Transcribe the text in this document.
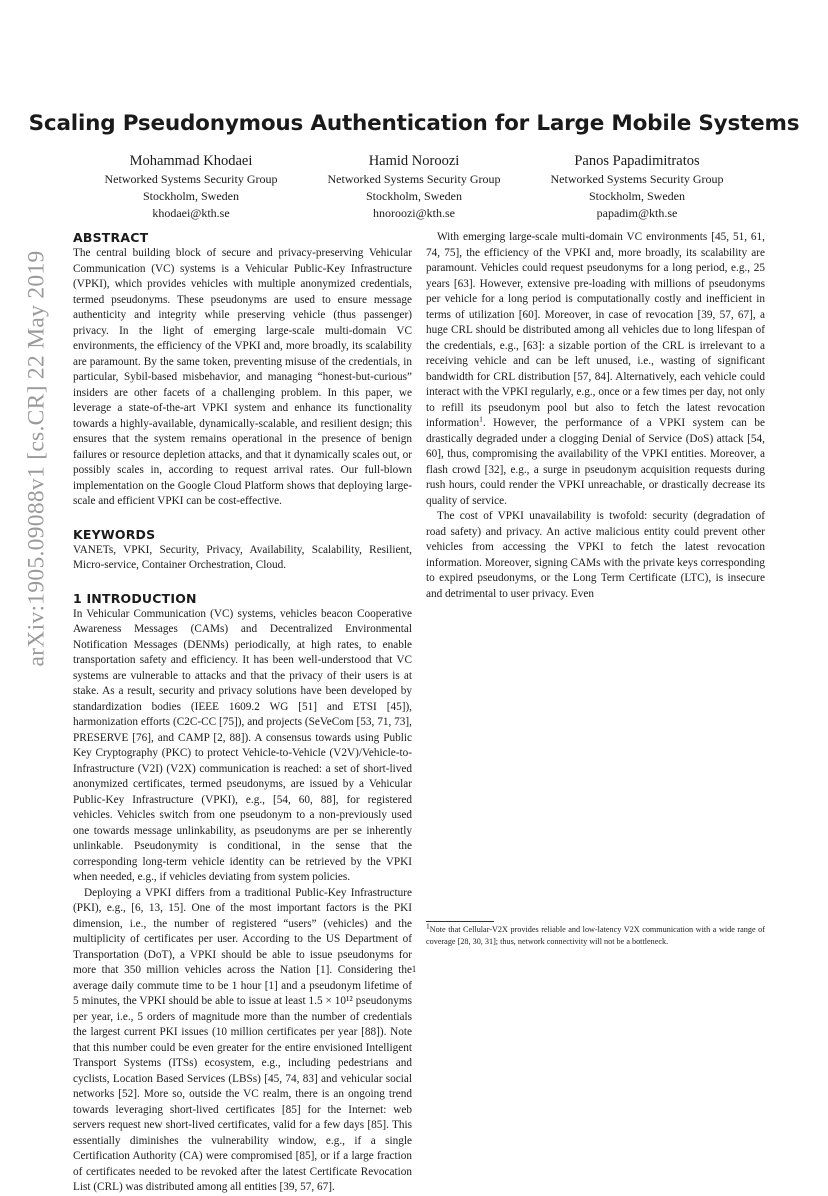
arXiv:1905.09088v1 [cs.CR] 22 May 2019
Scaling Pseudonymous Authentication for Large Mobile Systems
Mohammad Khodaei
Networked Systems Security Group
Stockholm, Sweden
khodaei@kth.se
Hamid Noroozi
Networked Systems Security Group
Stockholm, Sweden
hnoroozi@kth.se
Panos Papadimitratos
Networked Systems Security Group
Stockholm, Sweden
papadim@kth.se
ABSTRACT

The central building block of secure and privacy-preserving Vehicular Communication (VC) systems is a Vehicular Public-Key Infrastructure (VPKI), which provides vehicles with multiple anonymized credentials, termed pseudonyms. These pseudonyms are used to ensure message authenticity and integrity while preserving vehicle (thus passenger) privacy. In the light of emerging large-scale multi-domain VC environments, the efficiency of the VPKI and, more broadly, its scalability are paramount. By the same token, preventing misuse of the credentials, in particular, Sybil-based misbehavior, and managing “honest-but-curious” insiders are other facets of a challenging problem. In this paper, we leverage a state-of-the-art VPKI system and enhance its functionality towards a highly-available, dynamically-scalable, and resilient design; this ensures that the system remains operational in the presence of benign failures or resource depletion attacks, and that it dynamically scales out, or possibly scales in, according to request arrival rates. Our full-blown implementation on the Google Cloud Platform shows that deploying large-scale and efficient VPKI can be cost-effective.

KEYWORDS

VANETs, VPKI, Security, Privacy, Availability, Scalability, Resilient, Micro-service, Container Orchestration, Cloud.

1 INTRODUCTION

In Vehicular Communication (VC) systems, vehicles beacon Cooperative Awareness Messages (CAMs) and Decentralized Environmental Notification Messages (DENMs) periodically, at high rates, to enable transportation safety and efficiency. It has been well-understood that VC systems are vulnerable to attacks and that the privacy of their users is at stake. As a result, security and privacy solutions have been developed by standardization bodies (IEEE 1609.2 WG [51] and ETSI [45]), harmonization efforts (C2C-CC [75]), and projects (SeVeCom [53, 71, 73], PRESERVE [76], and CAMP [2, 88]). A consensus towards using Public Key Cryptography (PKC) to protect Vehicle-to-Vehicle (V2V)/Vehicle-to-Infrastructure (V2I) (V2X) communication is reached: a set of short-lived anonymized certificates, termed pseudonyms, are issued by a Vehicular Public-Key Infrastructure (VPKI), e.g., [54, 60, 88], for registered vehicles. Vehicles switch from one pseudonym to a non-previously used one towards message unlinkability, as pseudonyms are per se inherently unlinkable. Pseudonymity is conditional, in the sense that the corresponding long-term vehicle identity can be retrieved by the VPKI when needed, e.g., if vehicles deviating from system policies.

Deploying a VPKI differs from a traditional Public-Key Infrastructure (PKI), e.g., [6, 13, 15]. One of the most important factors is the PKI dimension, i.e., the number of registered “users” (vehicles) and the multiplicity of certificates per user. According to the US Department of Transportation (DoT), a VPKI should be able to issue pseudonyms for more that 350 million vehicles across the Nation [1]. Considering the average daily commute time to be 1 hour [1] and a pseudonym lifetime of 5 minutes, the VPKI should be able to issue at least 1.5 × 10¹² pseudonyms per year, i.e., 5 orders of magnitude more than the number of credentials the largest current PKI issues (10 million certificates per year [88]). Note that this number could be even greater for the entire envisioned Intelligent Transport Systems (ITSs) ecosystem, e.g., including pedestrians and cyclists, Location Based Services (LBSs) [45, 74, 83] and vehicular social networks [52]. More so, outside the VC realm, there is an ongoing trend towards leveraging short-lived certificates [85] for the Internet: web servers request new short-lived certificates, valid for a few days [85]. This essentially diminishes the vulnerability window, e.g., if a single Certification Authority (CA) were compromised [85], or if a large fraction of certificates needed to be revoked after the latest Certificate Revocation List (CRL) was distributed among all entities [39, 57, 67].

With emerging large-scale multi-domain VC environments [45, 51, 61, 74, 75], the efficiency of the VPKI and, more broadly, its scalability are paramount. Vehicles could request pseudonyms for a long period, e.g., 25 years [63]. However, extensive pre-loading with millions of pseudonyms per vehicle for a long period is computationally costly and inefficient in terms of utilization [60]. Moreover, in case of revocation [39, 57, 67], a huge CRL should be distributed among all vehicles due to long lifespan of the credentials, e.g., [63]: a sizable portion of the CRL is irrelevant to a receiving vehicle and can be left unused, i.e., wasting of significant bandwidth for CRL distribution [57, 84]. Alternatively, each vehicle could interact with the VPKI regularly, e.g., once or a few times per day, not only to refill its pseudonym pool but also to fetch the latest revocation information$^1$. However, the performance of a VPKI system can be drastically degraded under a clogging Denial of Service (DoS) attack [54, 60], thus, compromising the availability of the VPKI entities. Moreover, a flash crowd [32], e.g., a surge in pseudonym acquisition requests during rush hours, could render the VPKI unreachable, or drastically decrease its quality of service.

The cost of VPKI unavailability is twofold: security (degradation of road safety) and privacy. An active malicious entity could prevent other vehicles from accessing the VPKI to fetch the latest revocation information. Moreover, signing CAMs with the private keys corresponding to expired pseudonyms, or the Long Term Certificate (LTC), is insecure and detrimental to user privacy. Even

$^1$Note that Cellular-V2X provides reliable and low-latency V2X communication with a wide range of coverage [28, 30, 31]; thus, network connectivity will not be a bottleneck.
1
